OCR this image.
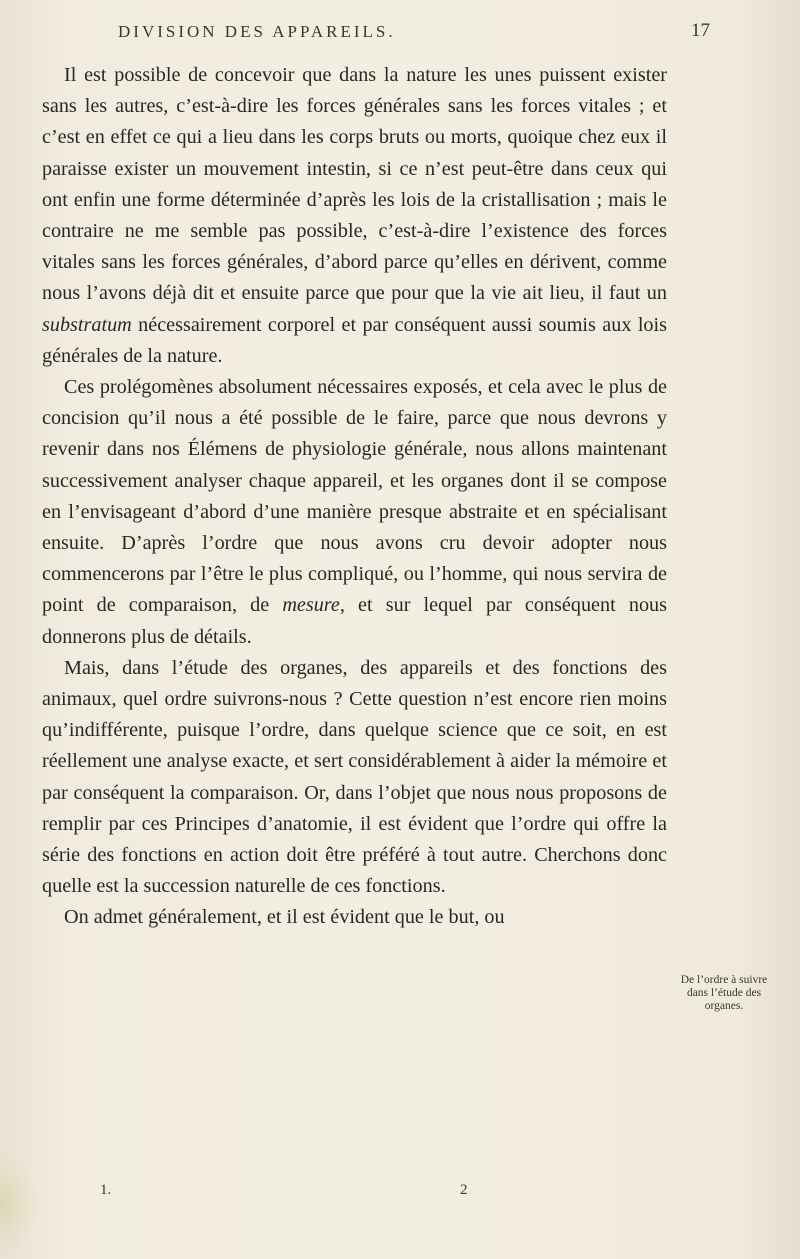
DIVISION DES APPAREILS.	17

Il est possible de concevoir que dans la nature les unes puissent exister sans les autres, c’est-à-dire les forces générales sans les forces vitales ; et c’est en effet ce qui a lieu dans les corps bruts ou morts, quoique chez eux il paraisse exister un mouvement intestin, si ce n’est peut-être dans ceux qui ont enfin une forme déterminée d’après les lois de la cristallisation ; mais le contraire ne me semble pas possible, c’est-à-dire l’existence des forces vitales sans les forces générales, d’abord parce qu’elles en dérivent, comme nous l’avons déjà dit et ensuite parce que pour que la vie ait lieu, il faut un substratum nécessairement corporel et par conséquent aussi soumis aux lois générales de la nature.

Ces prolégomènes absolument nécessaires exposés, et cela avec le plus de concision qu’il nous a été possible de le faire, parce que nous devrons y revenir dans nos Élémens de physiologie générale, nous allons maintenant successivement analyser chaque appareil, et les organes dont il se compose en l’envisageant d’abord d’une manière presque abstraite et en spécialisant ensuite. D’après l’ordre que nous avons cru devoir adopter nous commencerons par l’être le plus compliqué, ou l’homme, qui nous servira de point de comparaison, de mesure, et sur lequel par conséquent nous donnerons plus de détails.

Mais, dans l’étude des organes, des appareils et des fonctions des animaux, quel ordre suivrons-nous ? Cette question n’est encore rien moins qu’indifférente, puisque l’ordre, dans quelque science que ce soit, en est réellement une analyse exacte, et sert considérablement à aider la mémoire et par conséquent la comparaison. Or, dans l’objet que nous nous proposons de remplir par ces Principes d’anatomie, il est évident que l’ordre qui offre la série des fonctions en action doit être préféré à tout autre. Cherchons donc quelle est la succession naturelle de ces fonctions.

On admet généralement, et il est évident que le but, ou

De l’ordre à suivre dans l’étude des organes.
1.	2
